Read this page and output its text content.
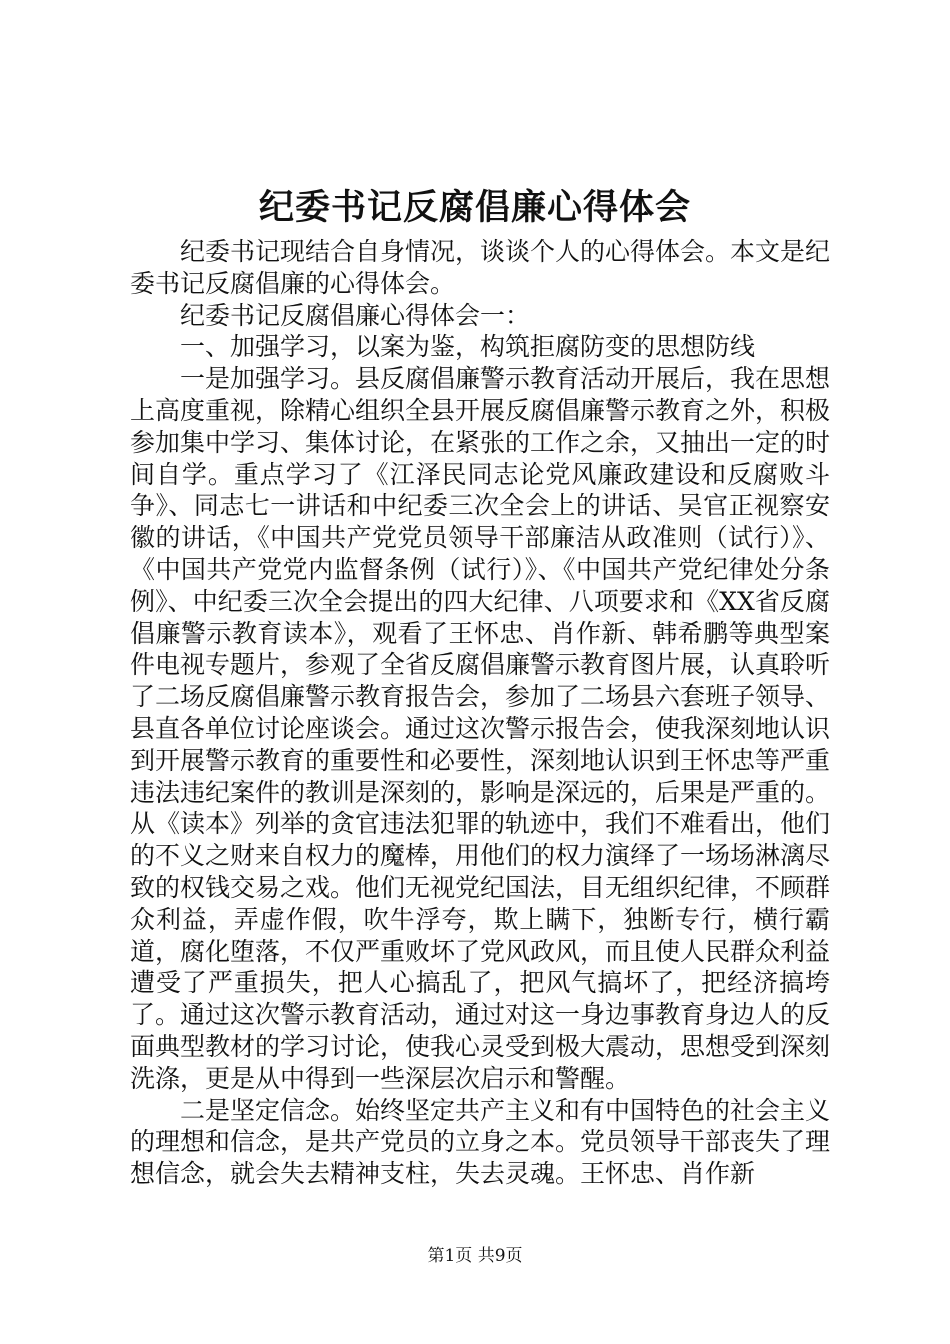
纪委书记反腐倡廉心得体会

纪委书记现结合自身情况，谈谈个人的心得体会。本文是纪委书记反腐倡廉的心得体会。

纪委书记反腐倡廉心得体会一：

一、加强学习，以案为鉴，构筑拒腐防变的思想防线

一是加强学习。县反腐倡廉警示教育活动开展后，我在思想上高度重视，除精心组织全县开展反腐倡廉警示教育之外，积极参加集中学习、集体讨论，在紧张的工作之余，又抽出一定的时间自学。重点学习了《江泽民同志论党风廉政建设和反腐败斗争》、同志七一讲话和中纪委三次全会上的讲话、吴官正视察安徽的讲话，《中国共产党党员领导干部廉洁从政准则（试行）》、《中国共产党党内监督条例（试行）》、《中国共产党纪律处分条例》、中纪委三次全会提出的四大纪律、八项要求和《XX省反腐倡廉警示教育读本》，观看了王怀忠、肖作新、韩希鹏等典型案件电视专题片，参观了全省反腐倡廉警示教育图片展，认真聆听了二场反腐倡廉警示教育报告会，参加了二场县六套班子领导、县直各单位讨论座谈会。通过这次警示报告会，使我深刻地认识到开展警示教育的重要性和必要性，深刻地认识到王怀忠等严重违法违纪案件的教训是深刻的，影响是深远的，后果是严重的。从《读本》列举的贪官违法犯罪的轨迹中，我们不难看出，他们的不义之财来自权力的魔棒，用他们的权力演绎了一场场淋漓尽致的权钱交易之戏。他们无视党纪国法，目无组织纪律，不顾群众利益，弄虚作假，吹牛浮夸，欺上瞒下，独断专行，横行霸道，腐化堕落，不仅严重败坏了党风政风，而且使人民群众利益遭受了严重损失，把人心搞乱了，把风气搞坏了，把经济搞垮了。通过这次警示教育活动，通过对这一身边事教育身边人的反面典型教材的学习讨论，使我心灵受到极大震动，思想受到深刻洗涤，更是从中得到一些深层次启示和警醒。

二是坚定信念。始终坚定共产主义和有中国特色的社会主义的理想和信念，是共产党员的立身之本。党员领导干部丧失了理想信念，就会失去精神支柱，失去灵魂。王怀忠、肖作新

第1页 共9页
